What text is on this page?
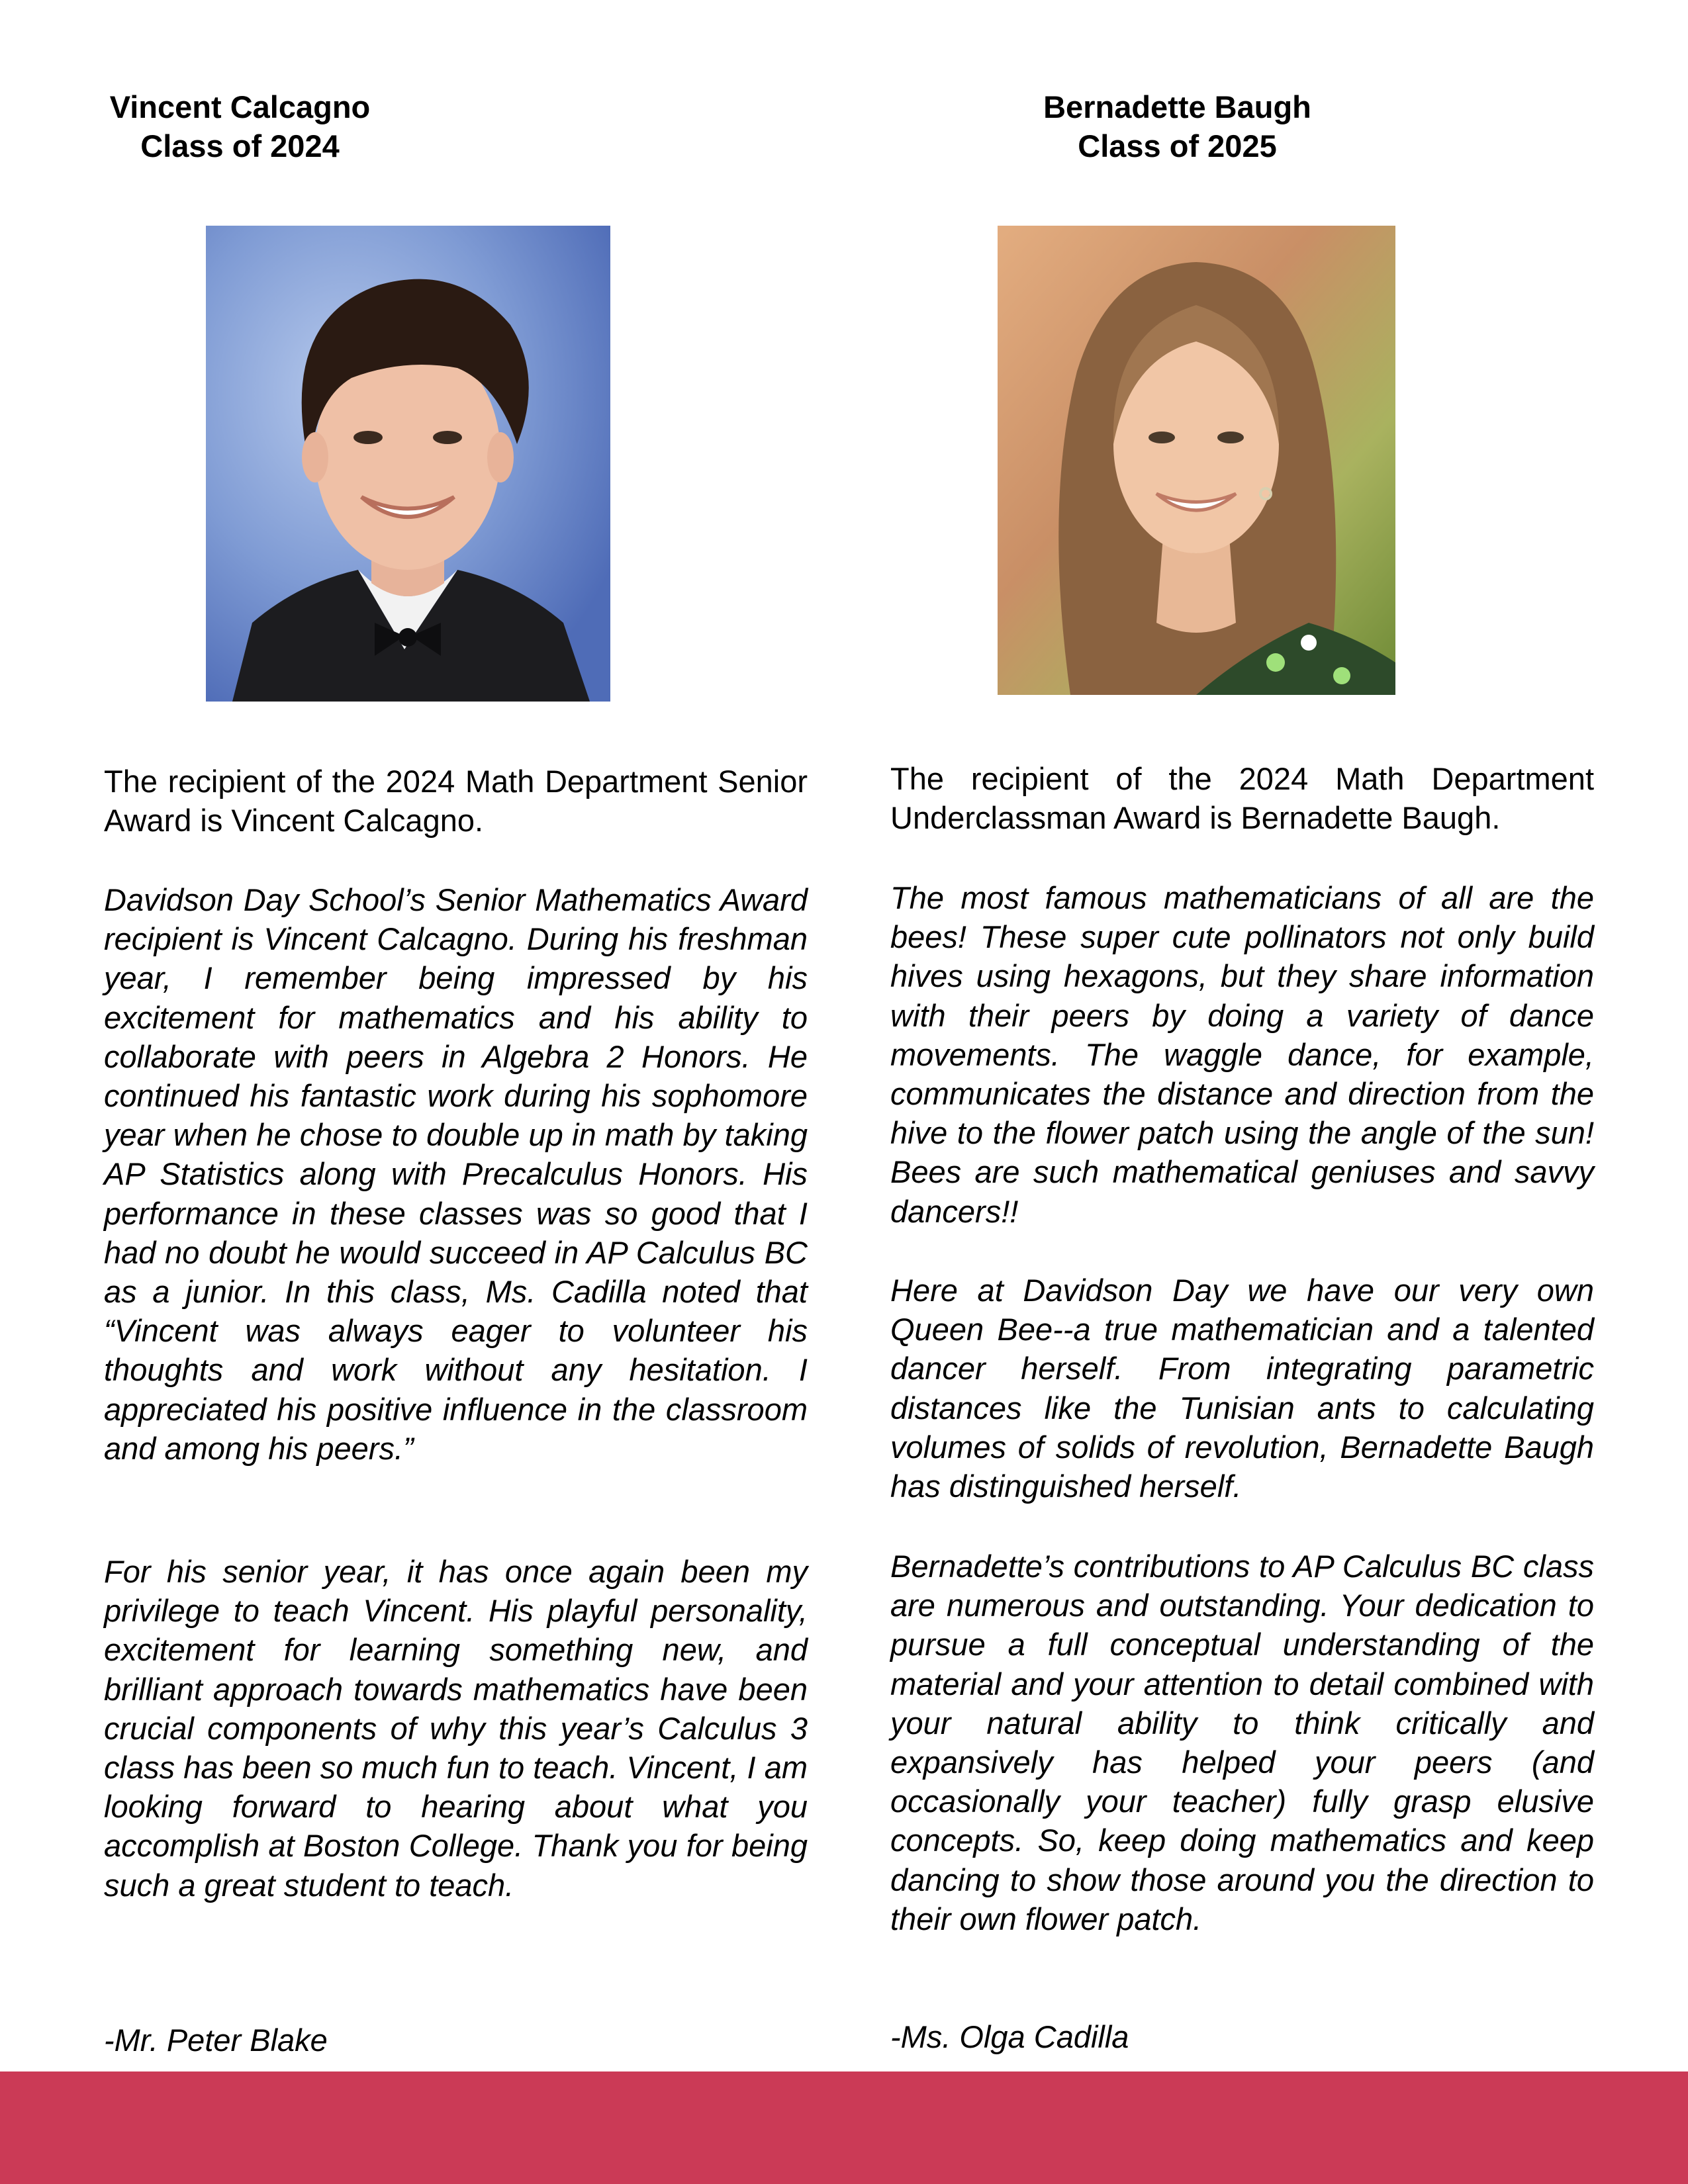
Vincent Calcagno
Class of 2024

The recipient of the 2024 Math Department Senior Award is Vincent Calcagno.

Davidson Day School’s Senior Mathematics Award recipient is Vincent Calcagno. During his freshman year, I remember being impressed by his excitement for mathematics and his ability to collaborate with peers in Algebra 2 Honors. He continued his fantastic work during his sophomore year when he chose to double up in math by taking AP Statistics along with Precalculus Honors. His performance in these classes was so good that I had no doubt he would succeed in AP Calculus BC as a junior. In this class, Ms. Cadilla noted that “Vincent was always eager to volunteer his thoughts and work without any hesitation. I appreciated his positive influence in the classroom and among his peers.”

For his senior year, it has once again been my privilege to teach Vincent. His playful personality, excitement for learning something new, and brilliant approach towards mathematics have been crucial components of why this year’s Calculus 3 class has been so much fun to teach. Vincent, I am looking forward to hearing about what you accomplish at Boston College. Thank you for being such a great student to teach.

-Mr. Peter Blake

Bernadette Baugh
Class of 2025

The recipient of the 2024 Math Department Underclassman Award is Bernadette Baugh.

The most famous mathematicians of all are the bees! These super cute pollinators not only build hives using hexagons, but they share information with their peers by doing a variety of dance movements. The waggle dance, for example, communicates the distance and direction from the hive to the flower patch using the angle of the sun! Bees are such mathematical geniuses and savvy dancers!!

Here at Davidson Day we have our very own Queen Bee--a true mathematician and a talented dancer herself. From integrating parametric distances like the Tunisian ants to calculating volumes of solids of revolution, Bernadette Baugh has distinguished herself.

Bernadette’s contributions to AP Calculus BC class are numerous and outstanding. Your dedication to pursue a full conceptual understanding of the material and your attention to detail combined with your natural ability to think critically and expansively has helped your peers (and occasionally your teacher) fully grasp elusive concepts. So, keep doing mathematics and keep dancing to show those around you the direction to their own flower patch.

-Ms. Olga Cadilla
